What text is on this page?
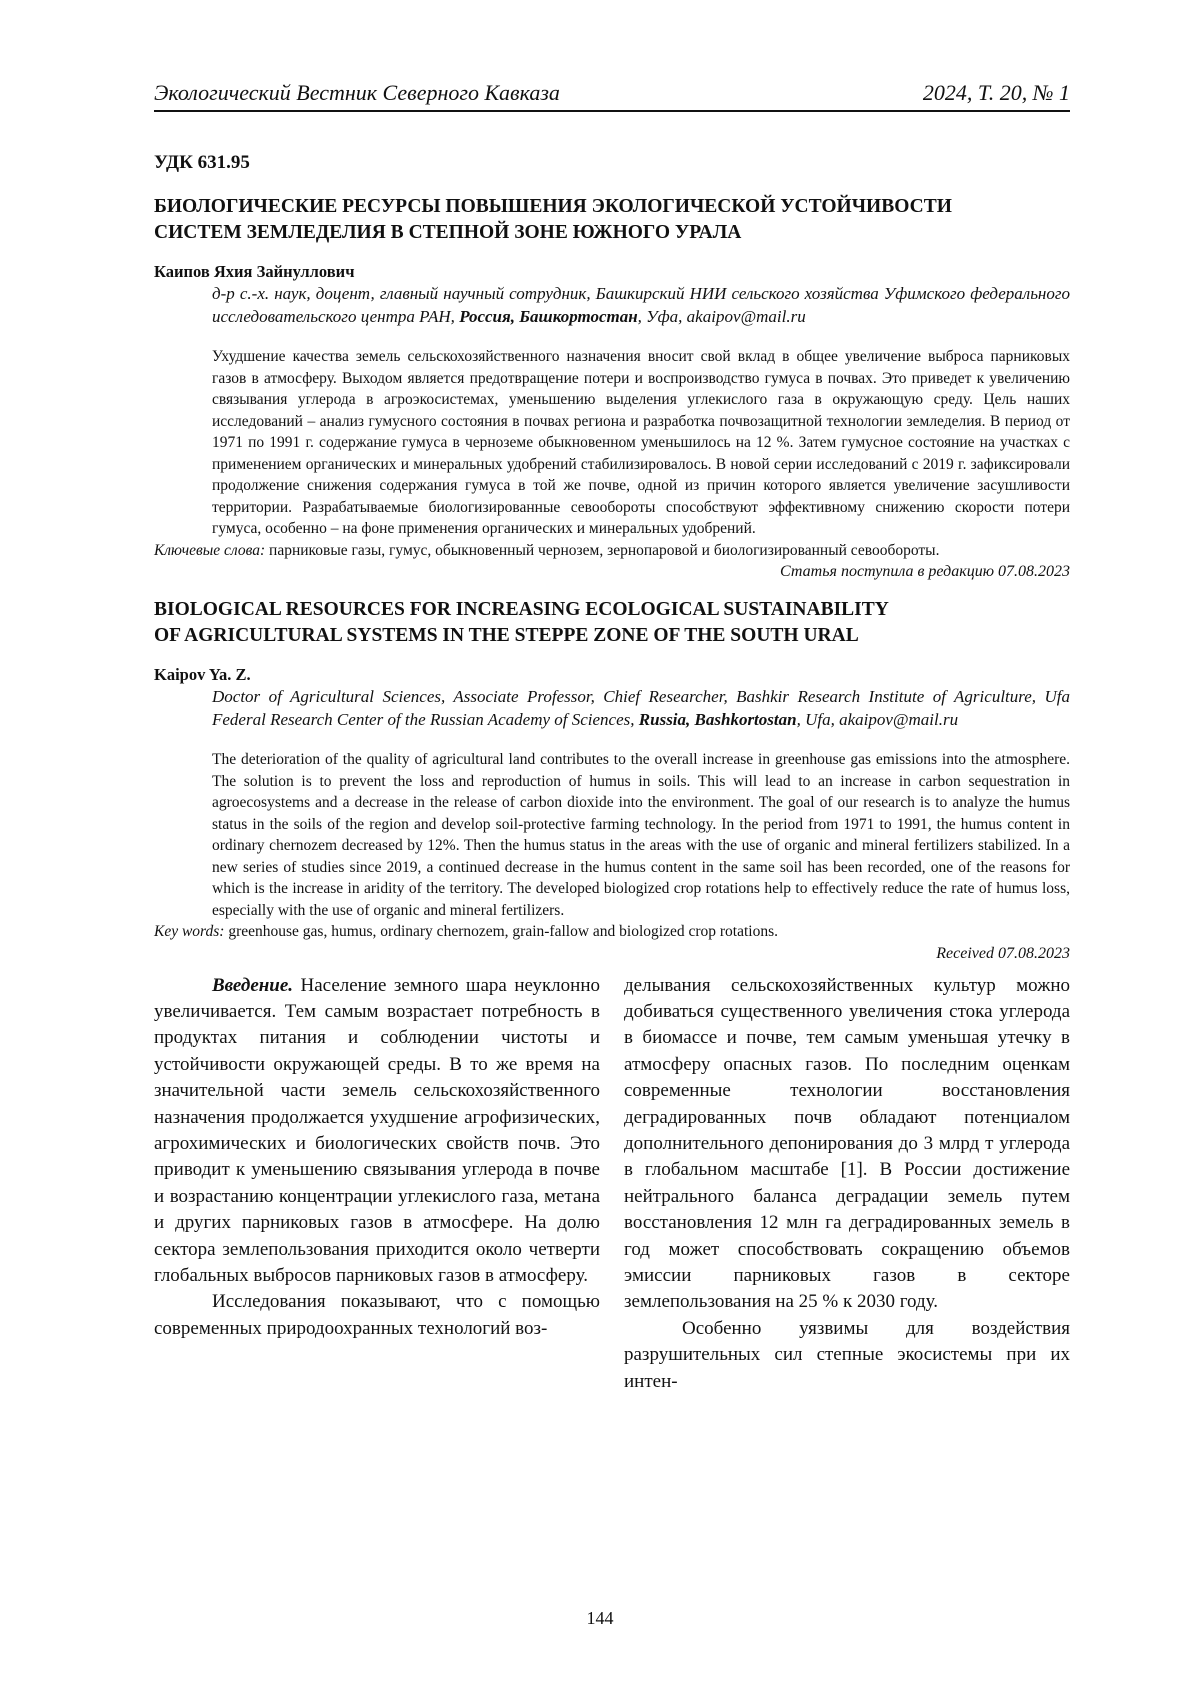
Экологический Вестник Северного Кавказа	2024, Т. 20, № 1
УДК 631.95
БИОЛОГИЧЕСКИЕ РЕСУРСЫ ПОВЫШЕНИЯ ЭКОЛОГИЧЕСКОЙ УСТОЙЧИВОСТИ
СИСТЕМ ЗЕМЛЕДЕЛИЯ В СТЕПНОЙ ЗОНЕ ЮЖНОГО УРАЛА
Каипов Яхия Зайнуллович
д-р с.-х. наук, доцент, главный научный сотрудник, Башкирский НИИ сельского хозяйства Уфимского федерального исследовательского центра РАН, Россия, Башкортостан, Уфа, akaipov@mail.ru
Ухудшение качества земель сельскохозяйственного назначения вносит свой вклад в общее увеличение выброса парниковых газов в атмосферу. Выходом является предотвращение потери и воспроизводство гумуса в почвах. Это приведет к увеличению связывания углерода в агроэкосистемах, уменьшению выделения углекислого газа в окружающую среду. Цель наших исследований – анализ гумусного состояния в почвах региона и разработка почвозащитной технологии земледелия. В период от 1971 по 1991 г. содержание гумуса в черноземе обыкновенном уменьшилось на 12 %. Затем гумусное состояние на участках с применением органических и минеральных удобрений стабилизировалось. В новой серии исследований с 2019 г. зафиксировали продолжение снижения содержания гумуса в той же почве, одной из причин которого является увеличение засушливости территории. Разрабатываемые биологизированные севообороты способствуют эффективному снижению скорости потери гумуса, особенно – на фоне применения органических и минеральных удобрений.
Ключевые слова: парниковые газы, гумус, обыкновенный чернозем, зернопаровой и биологизированный севообороты.
Статья поступила в редакцию 07.08.2023
BIOLOGICAL RESOURCES FOR INCREASING ECOLOGICAL SUSTAINABILITY
OF AGRICULTURAL SYSTEMS IN THE STEPPE ZONE OF THE SOUTH URAL
Kaipov Ya. Z.
Doctor of Agricultural Sciences, Associate Professor, Chief Researcher, Bashkir Research Institute of Agriculture, Ufa Federal Research Center of the Russian Academy of Sciences, Russia, Bashkortostan, Ufa, akaipov@mail.ru
The deterioration of the quality of agricultural land contributes to the overall increase in greenhouse gas emissions into the atmosphere. The solution is to prevent the loss and reproduction of humus in soils. This will lead to an increase in carbon sequestration in agroecosystems and a decrease in the release of carbon dioxide into the environment. The goal of our research is to analyze the humus status in the soils of the region and develop soil-protective farming technology. In the period from 1971 to 1991, the humus content in ordinary chernozem decreased by 12%. Then the humus status in the areas with the use of organic and mineral fertilizers stabilized. In a new series of studies since 2019, a continued decrease in the humus content in the same soil has been recorded, one of the reasons for which is the increase in aridity of the territory. The developed biologized crop rotations help to effectively reduce the rate of humus loss, especially with the use of organic and mineral fertilizers.
Key words: greenhouse gas, humus, ordinary chernozem, grain-fallow and biologized crop rotations.
Received 07.08.2023

Введение. Население земного шара неуклонно увеличивается. Тем самым возрастает потребность в продуктах питания и соблюдении чистоты и устойчивости окружающей среды. В то же время на значительной части земель сельскохозяйственного назначения продолжается ухудшение агрофизических, агрохимических и биологических свойств почв. Это приводит к уменьшению связывания углерода в почве и возрастанию концентрации углекислого газа, метана и других парниковых газов в атмосфере. На долю сектора землепользования приходится около четверти глобальных выбросов парниковых газов в атмосферу.

Исследования показывают, что с помощью современных природоохранных технологий воз-

делывания сельскохозяйственных культур можно добиваться существенного увеличения стока углерода в биомассе и почве, тем самым уменьшая утечку в атмосферу опасных газов. По последним оценкам современные технологии восстановления деградированных почв обладают потенциалом дополнительного депонирования до 3 млрд т углерода в глобальном масштабе [1]. В России достижение нейтрального баланса деградации земель путем восстановления 12 млн га деградированных земель в год может способствовать сокращению объемов эмиссии парниковых газов в секторе землепользования на 25 % к 2030 году.

Особенно уязвимы для воздействия разрушительных сил степные экосистемы при их интен-

144
